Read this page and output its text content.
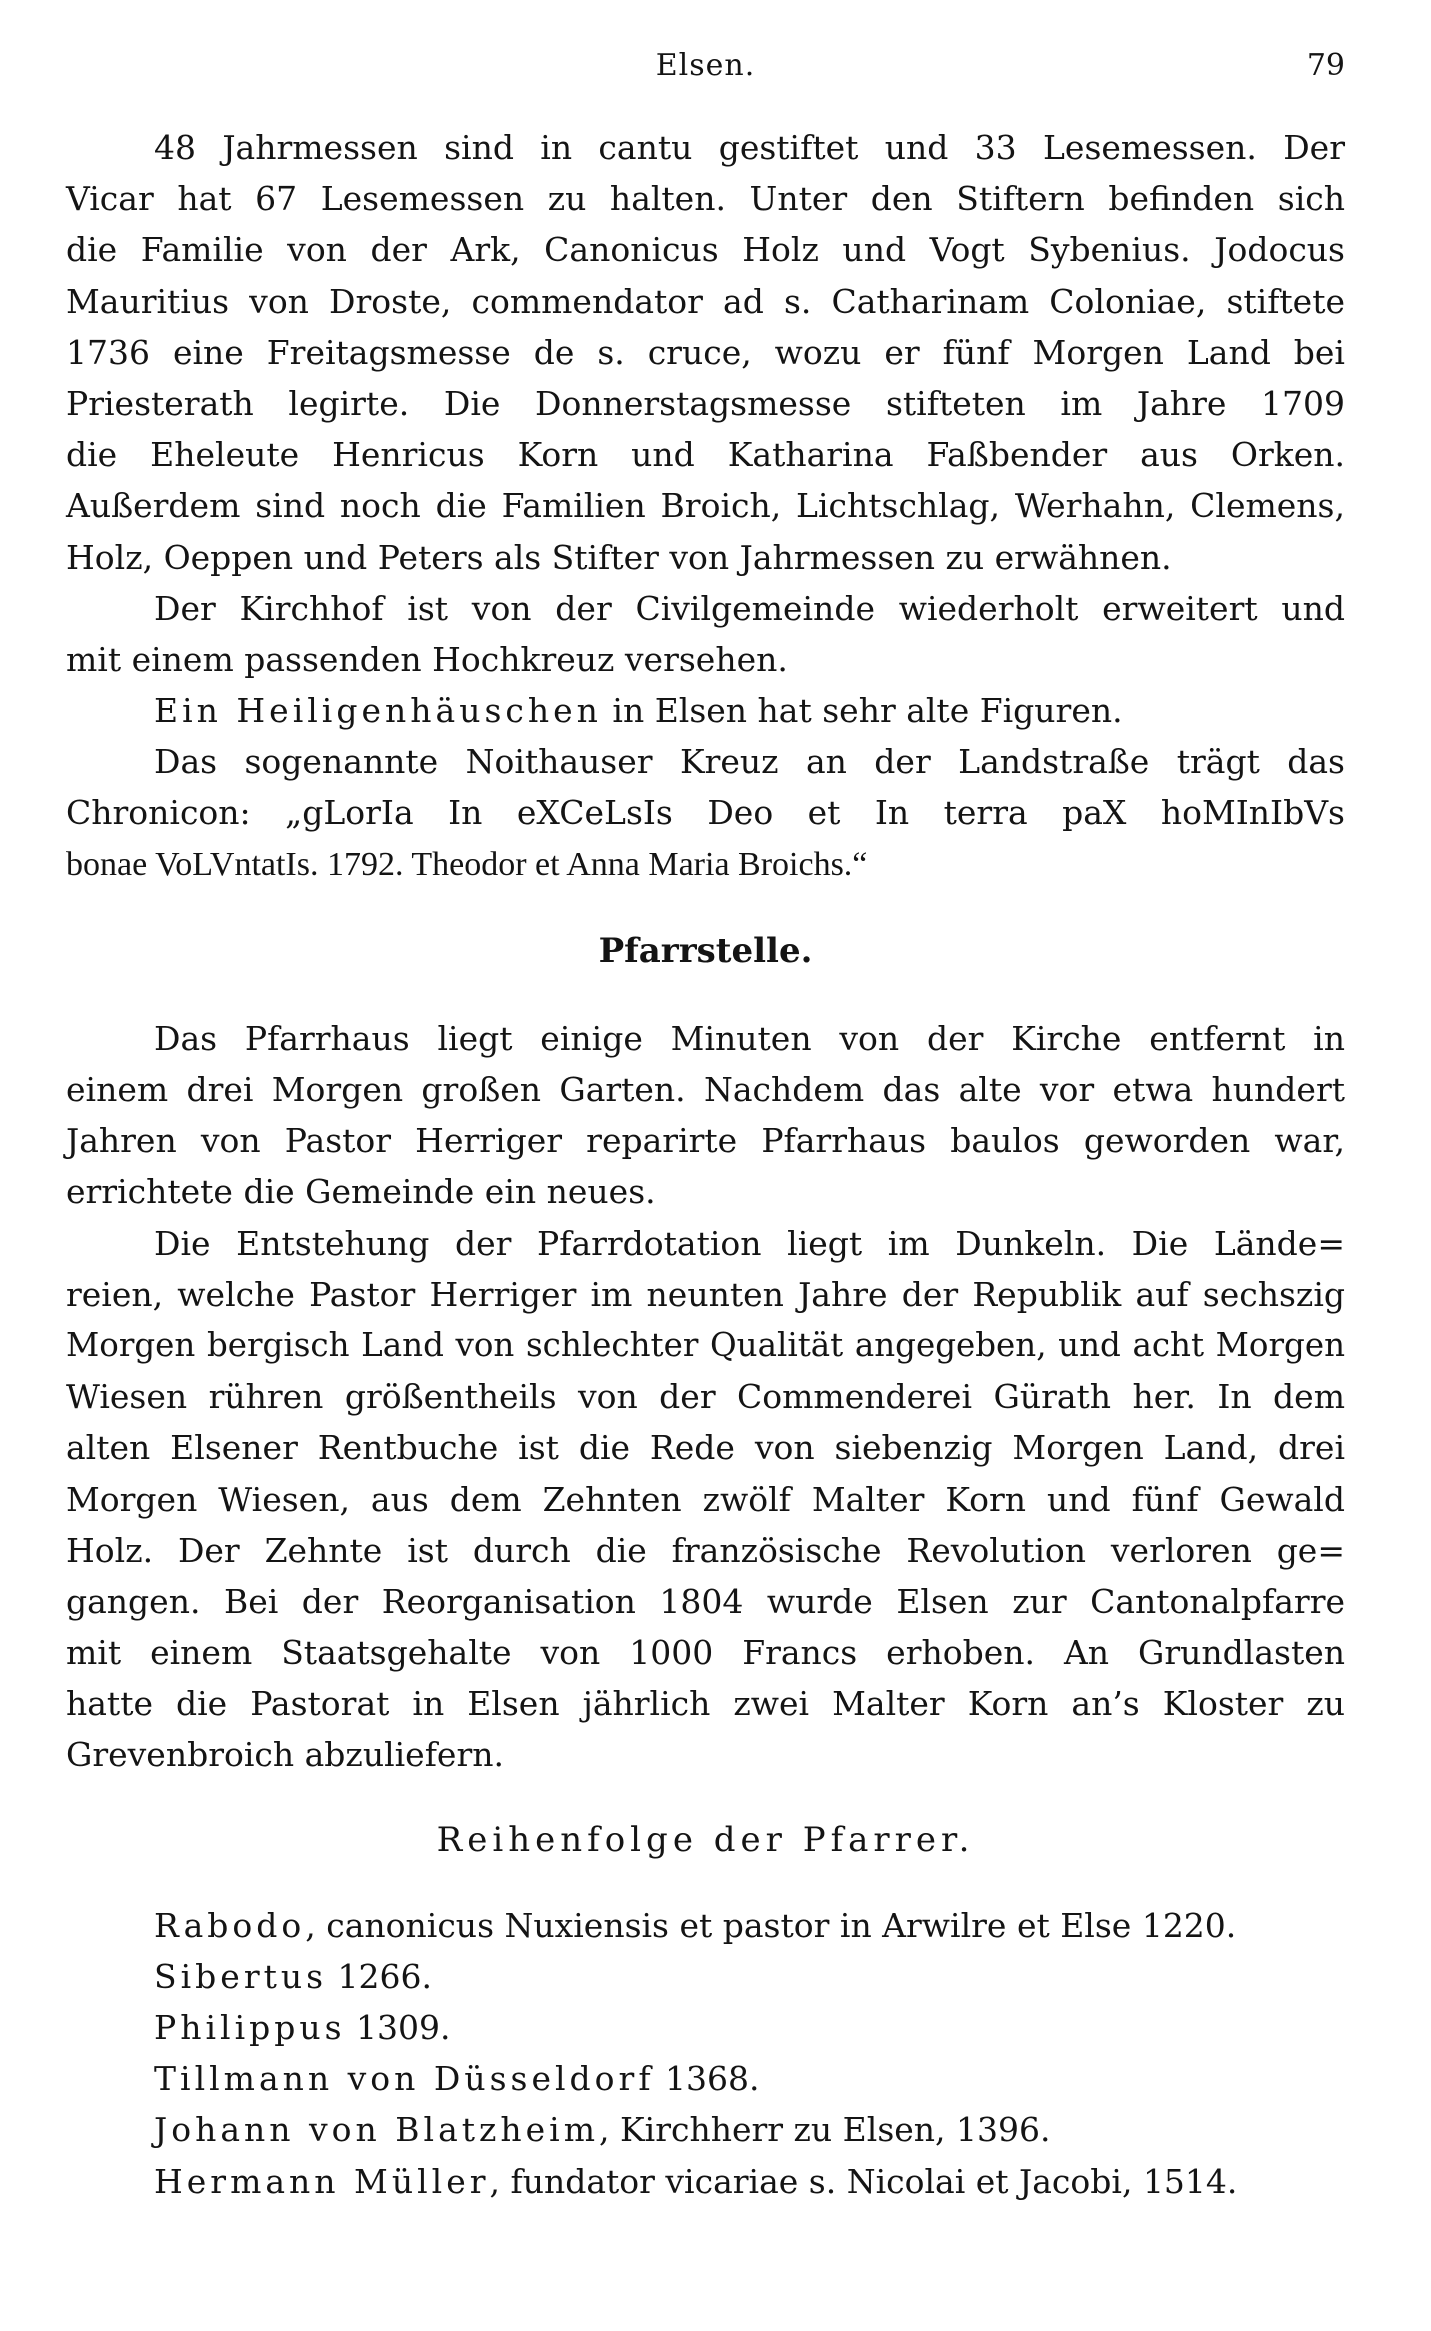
Elsen.	79
48 Jahrmessen sind in cantu gestiftet und 33 Lesemessen. Der
Vicar hat 67 Lesemessen zu halten. Unter den Stiftern befinden sich
die Familie von der Ark, Canonicus Holz und Vogt Sybenius. Jodocus
Mauritius von Droste, commendator ad s. Catharinam Coloniae, stiftete
1736 eine Freitagsmesse de s. cruce, wozu er fünf Morgen Land bei
Priesterath legirte. Die Donnerstagsmesse stifteten im Jahre 1709
die Eheleute Henricus Korn und Katharina Faßbender aus Orken.
Außerdem sind noch die Familien Broich, Lichtschlag, Werhahn, Clemens,
Holz, Oeppen und Peters als Stifter von Jahrmessen zu erwähnen.
Der Kirchhof ist von der Civilgemeinde wiederholt erweitert und
mit einem passenden Hochkreuz versehen.
Ein Heiligenhäuschen in Elsen hat sehr alte Figuren.
Das sogenannte Noithauser Kreuz an der Landstraße trägt das
Chronicon: „gLorIa In eXCeLsIs Deo et In terra paX hoMInIbVs
bonae VoLVntatIs. 1792. Theodor et Anna Maria Broichs.“
Pfarrstelle.
Das Pfarrhaus liegt einige Minuten von der Kirche entfernt in
einem drei Morgen großen Garten. Nachdem das alte vor etwa hundert
Jahren von Pastor Herriger reparirte Pfarrhaus baulos geworden war,
errichtete die Gemeinde ein neues.
Die Entstehung der Pfarrdotation liegt im Dunkeln. Die Ländе=
reien, welche Pastor Herriger im neunten Jahre der Republik auf sechszig
Morgen bergisch Land von schlechter Qualität angegeben, und acht Morgen
Wiesen rühren größentheils von der Commenderei Gürath her. In dem
alten Elsener Rentbuche ist die Rede von siebenzig Morgen Land, drei
Morgen Wiesen, aus dem Zehnten zwölf Malter Korn und fünf Gewald
Holz. Der Zehnte ist durch die französische Revolution verloren ge=
gangen. Bei der Reorganisation 1804 wurde Elsen zur Cantonalpfarre
mit einem Staatsgehalte von 1000 Francs erhoben. An Grundlasten
hatte die Pastorat in Elsen jährlich zwei Malter Korn an’s Kloster zu
Grevenbroich abzuliefern.
Reihenfolge der Pfarrer.
Rabodo, canonicus Nuxiensis et pastor in Arwilre et Else 1220.
Sibertus 1266.
Philippus 1309.
Tillmann von Düsseldorf 1368.
Johann von Blatzheim, Kirchherr zu Elsen, 1396.
Hermann Müller, fundator vicariae s. Nicolai et Jacobi, 1514.
